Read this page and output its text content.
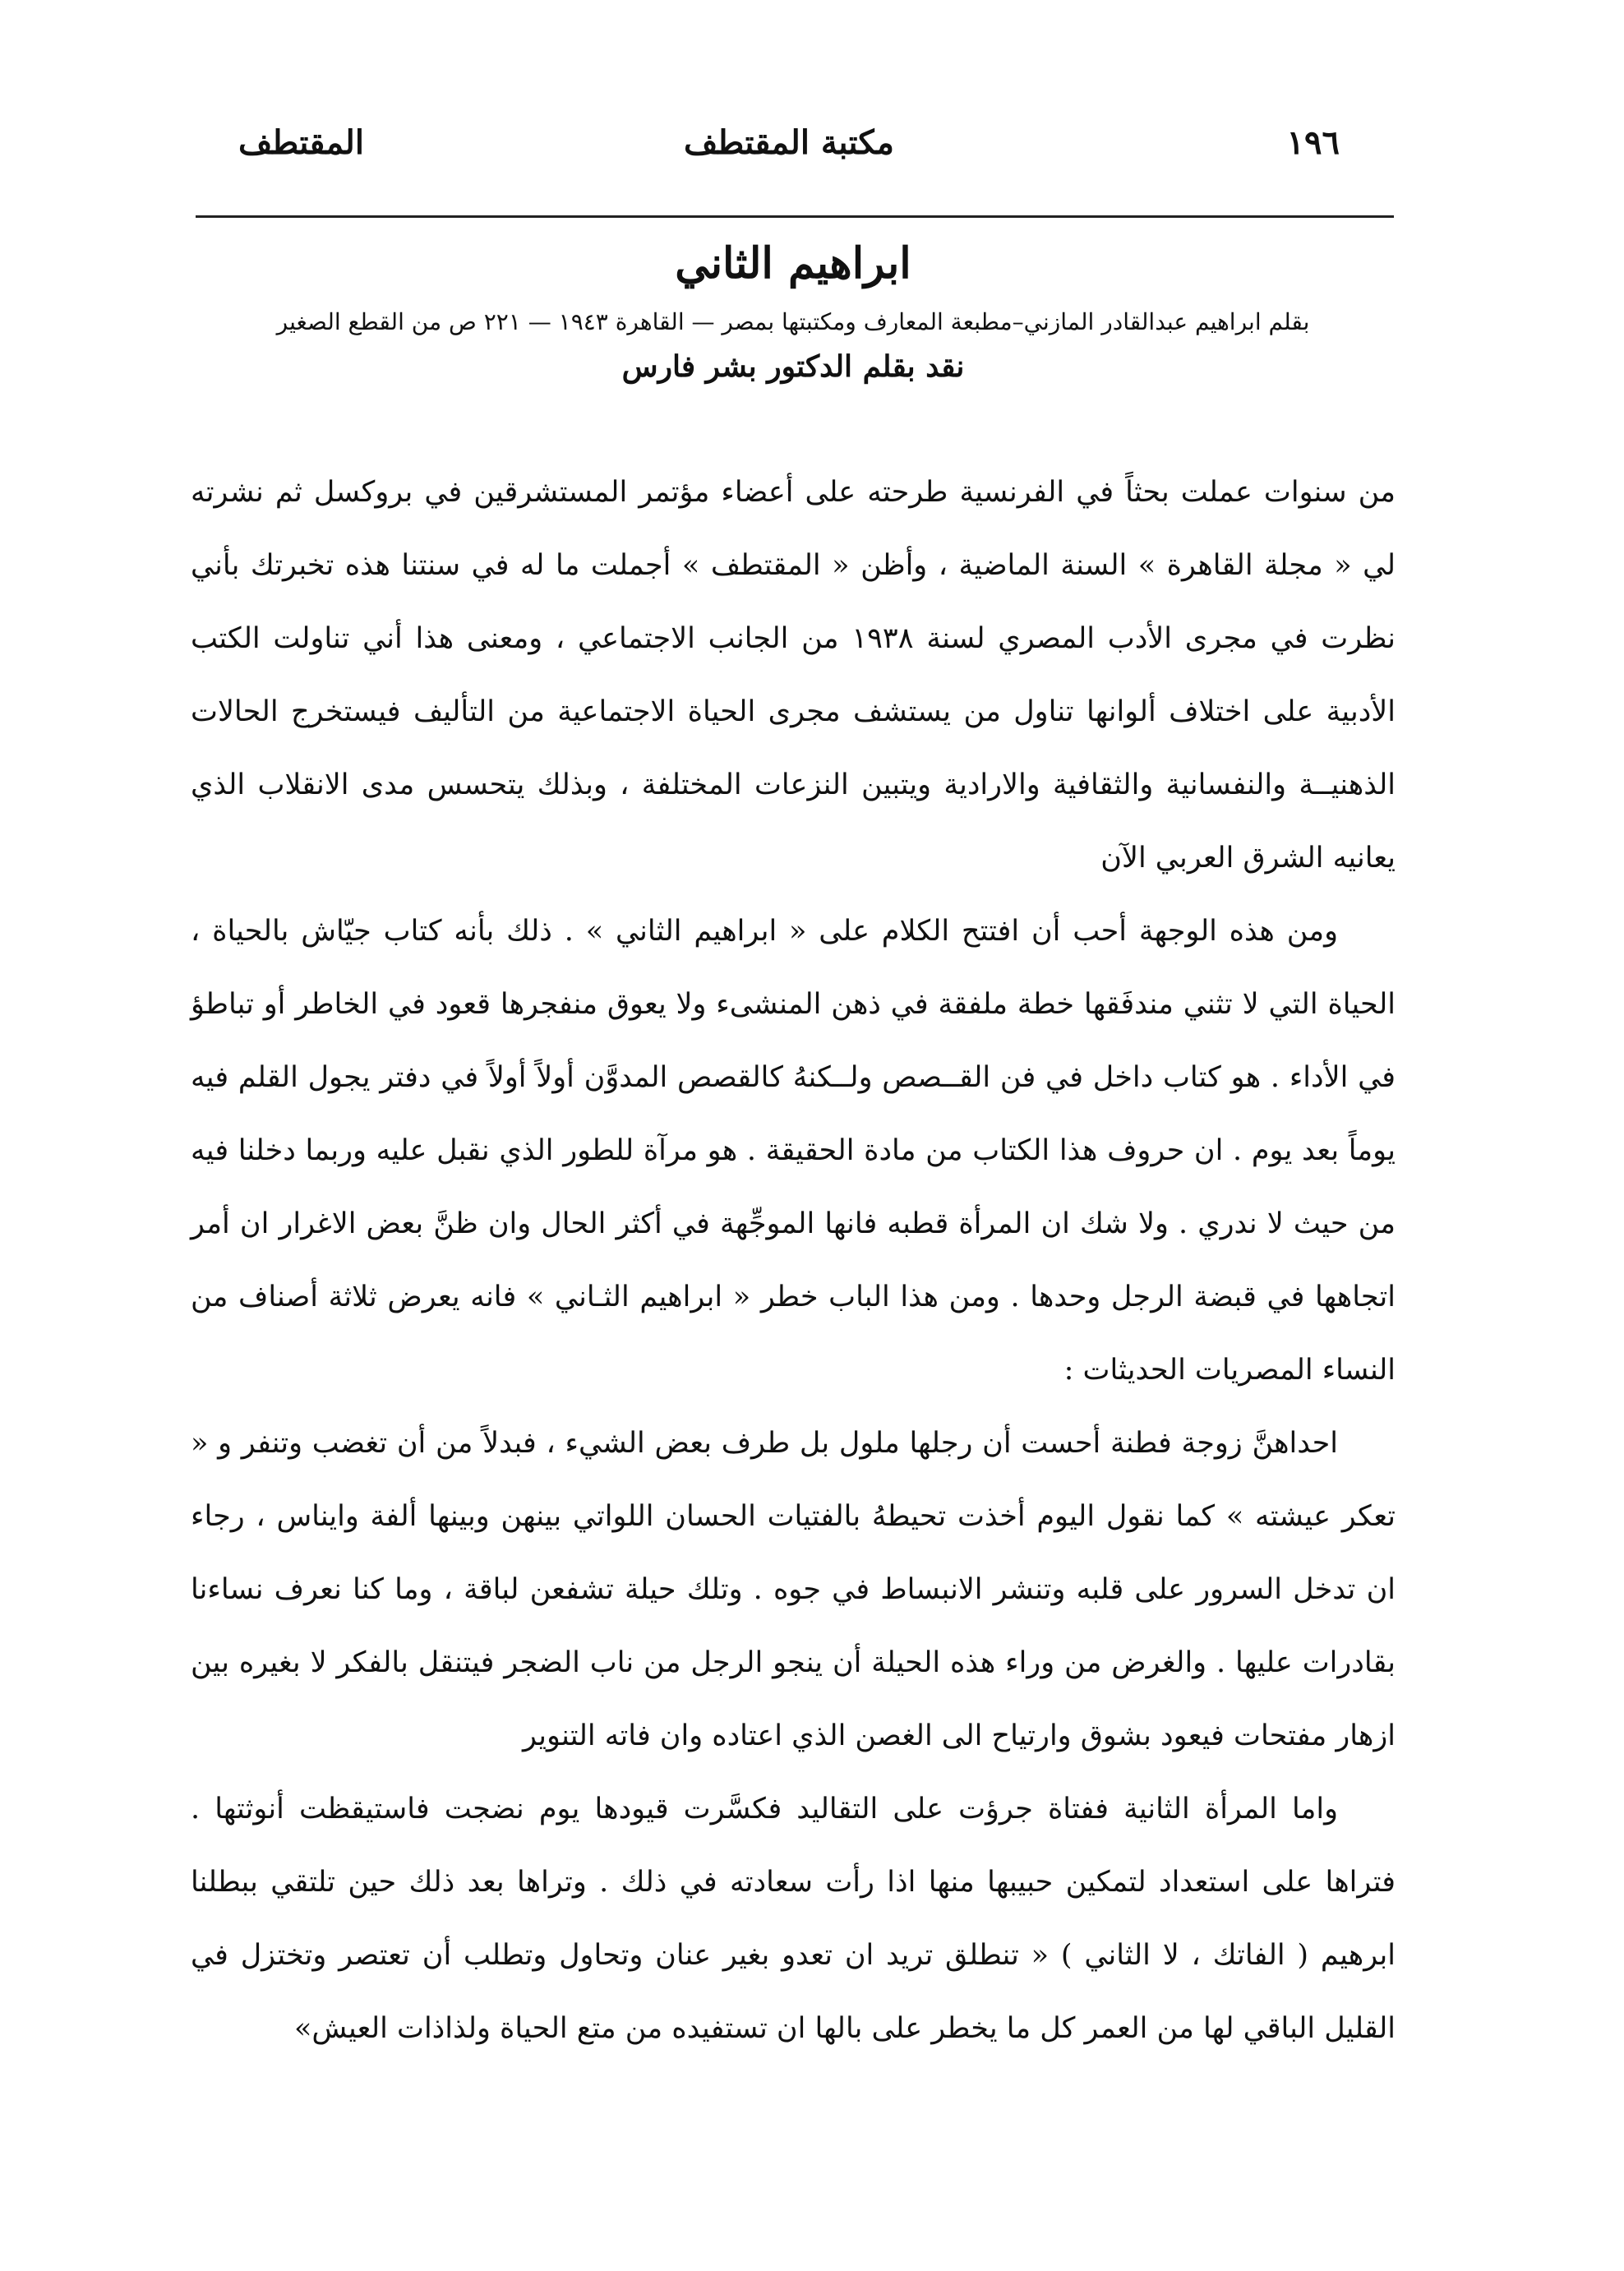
١٩٦
مكتبة المقتطف
المقتطف
ابراهيم الثاني
بقلم ابراهيم عبدالقادر المازني–مطبعة المعارف ومكتبتها بمصر — القاهرة ١٩٤٣ — ٢٢١ ص من القطع الصغير
نقد بقلم الدكتور بشر فارس

من سنوات عملت بحثاً في الفرنسية طرحته على أعضاء مؤتمر المستشرقين في بروكسل ثم نشرته لي « مجلة القاهرة » السنة الماضية ، وأظن « المقتطف » أجملت ما له في سنتنا هذه تخبرتك بأني نظرت في مجرى الأدب المصري لسنة ١٩٣٨ من الجانب الاجتماعي ، ومعنى هذا أني تناولت الكتب الأدبية على اختلاف ألوانها تناول من يستشف مجرى الحياة الاجتماعية من التأليف فيستخرج الحالات الذهنيــة والنفسانية والثقافية والارادية ويتبين النزعات المختلفة ، وبذلك يتحسس مدى الانقلاب الذي يعانيه الشرق العربي الآن

ومن هذه الوجهة أحب أن افتتح الكلام على « ابراهيم الثاني » . ذلك بأنه كتاب جيّاش بالحياة ، الحياة التي لا تثني مندفَقها خطة ملفقة في ذهن المنشىء ولا يعوق منفجرها قعود في الخاطر أو تباطؤ في الأداء . هو كتاب داخل في فن القــصص ولــكنهُ كالقصص المدوَّن أولاً أولاً في دفتر يجول القلم فيه يوماً بعد يوم . ان حروف هذا الكتاب من مادة الحقيقة . هو مرآة للطور الذي نقبل عليه وربما دخلنا فيه من حيث لا ندري . ولا شك ان المرأة قطبه فانها الموجِّهة في أكثر الحال وان ظنَّ بعض الاغرار ان أمر اتجاهها في قبضة الرجل وحدها . ومن هذا الباب خطر « ابراهيم الثـاني » فانه يعرض ثلاثة أصناف من النساء المصريات الحديثات :

احداهنَّ زوجة فطنة أحست أن رجلها ملول بل طرف بعض الشيء ، فبدلاً من أن تغضب وتنفر و « تعكر عيشته » كما نقول اليوم أخذت تحيطهُ بالفتيات الحسان اللواتي بينهن وبينها ألفة وايناس ، رجاء ان تدخل السرور على قلبه وتنشر الانبساط في جوه . وتلك حيلة تشفعن لباقة ، وما كنا نعرف نساءنا بقادرات عليها . والغرض من وراء هذه الحيلة أن ينجو الرجل من ناب الضجر فيتنقل بالفكر لا بغيره بين ازهار مفتحات فيعود بشوق وارتياح الى الغصن الذي اعتاده وان فاته التنوير

واما المرأة الثانية ففتاة جرؤت على التقاليد فكسَّرت قيودها يوم نضجت فاستيقظت أنوثتها . فتراها على استعداد لتمكين حبيبها منها اذا رأت سعادته في ذلك . وتراها بعد ذلك حين تلتقي ببطلنا ابرهيم ( الفاتك ، لا الثاني ) « تنطلق تريد ان تعدو بغير عنان وتحاول وتطلب أن تعتصر وتختزل في القليل الباقي لها من العمر كل ما يخطر على بالها ان تستفيده من متع الحياة ولذاذات العيش»
